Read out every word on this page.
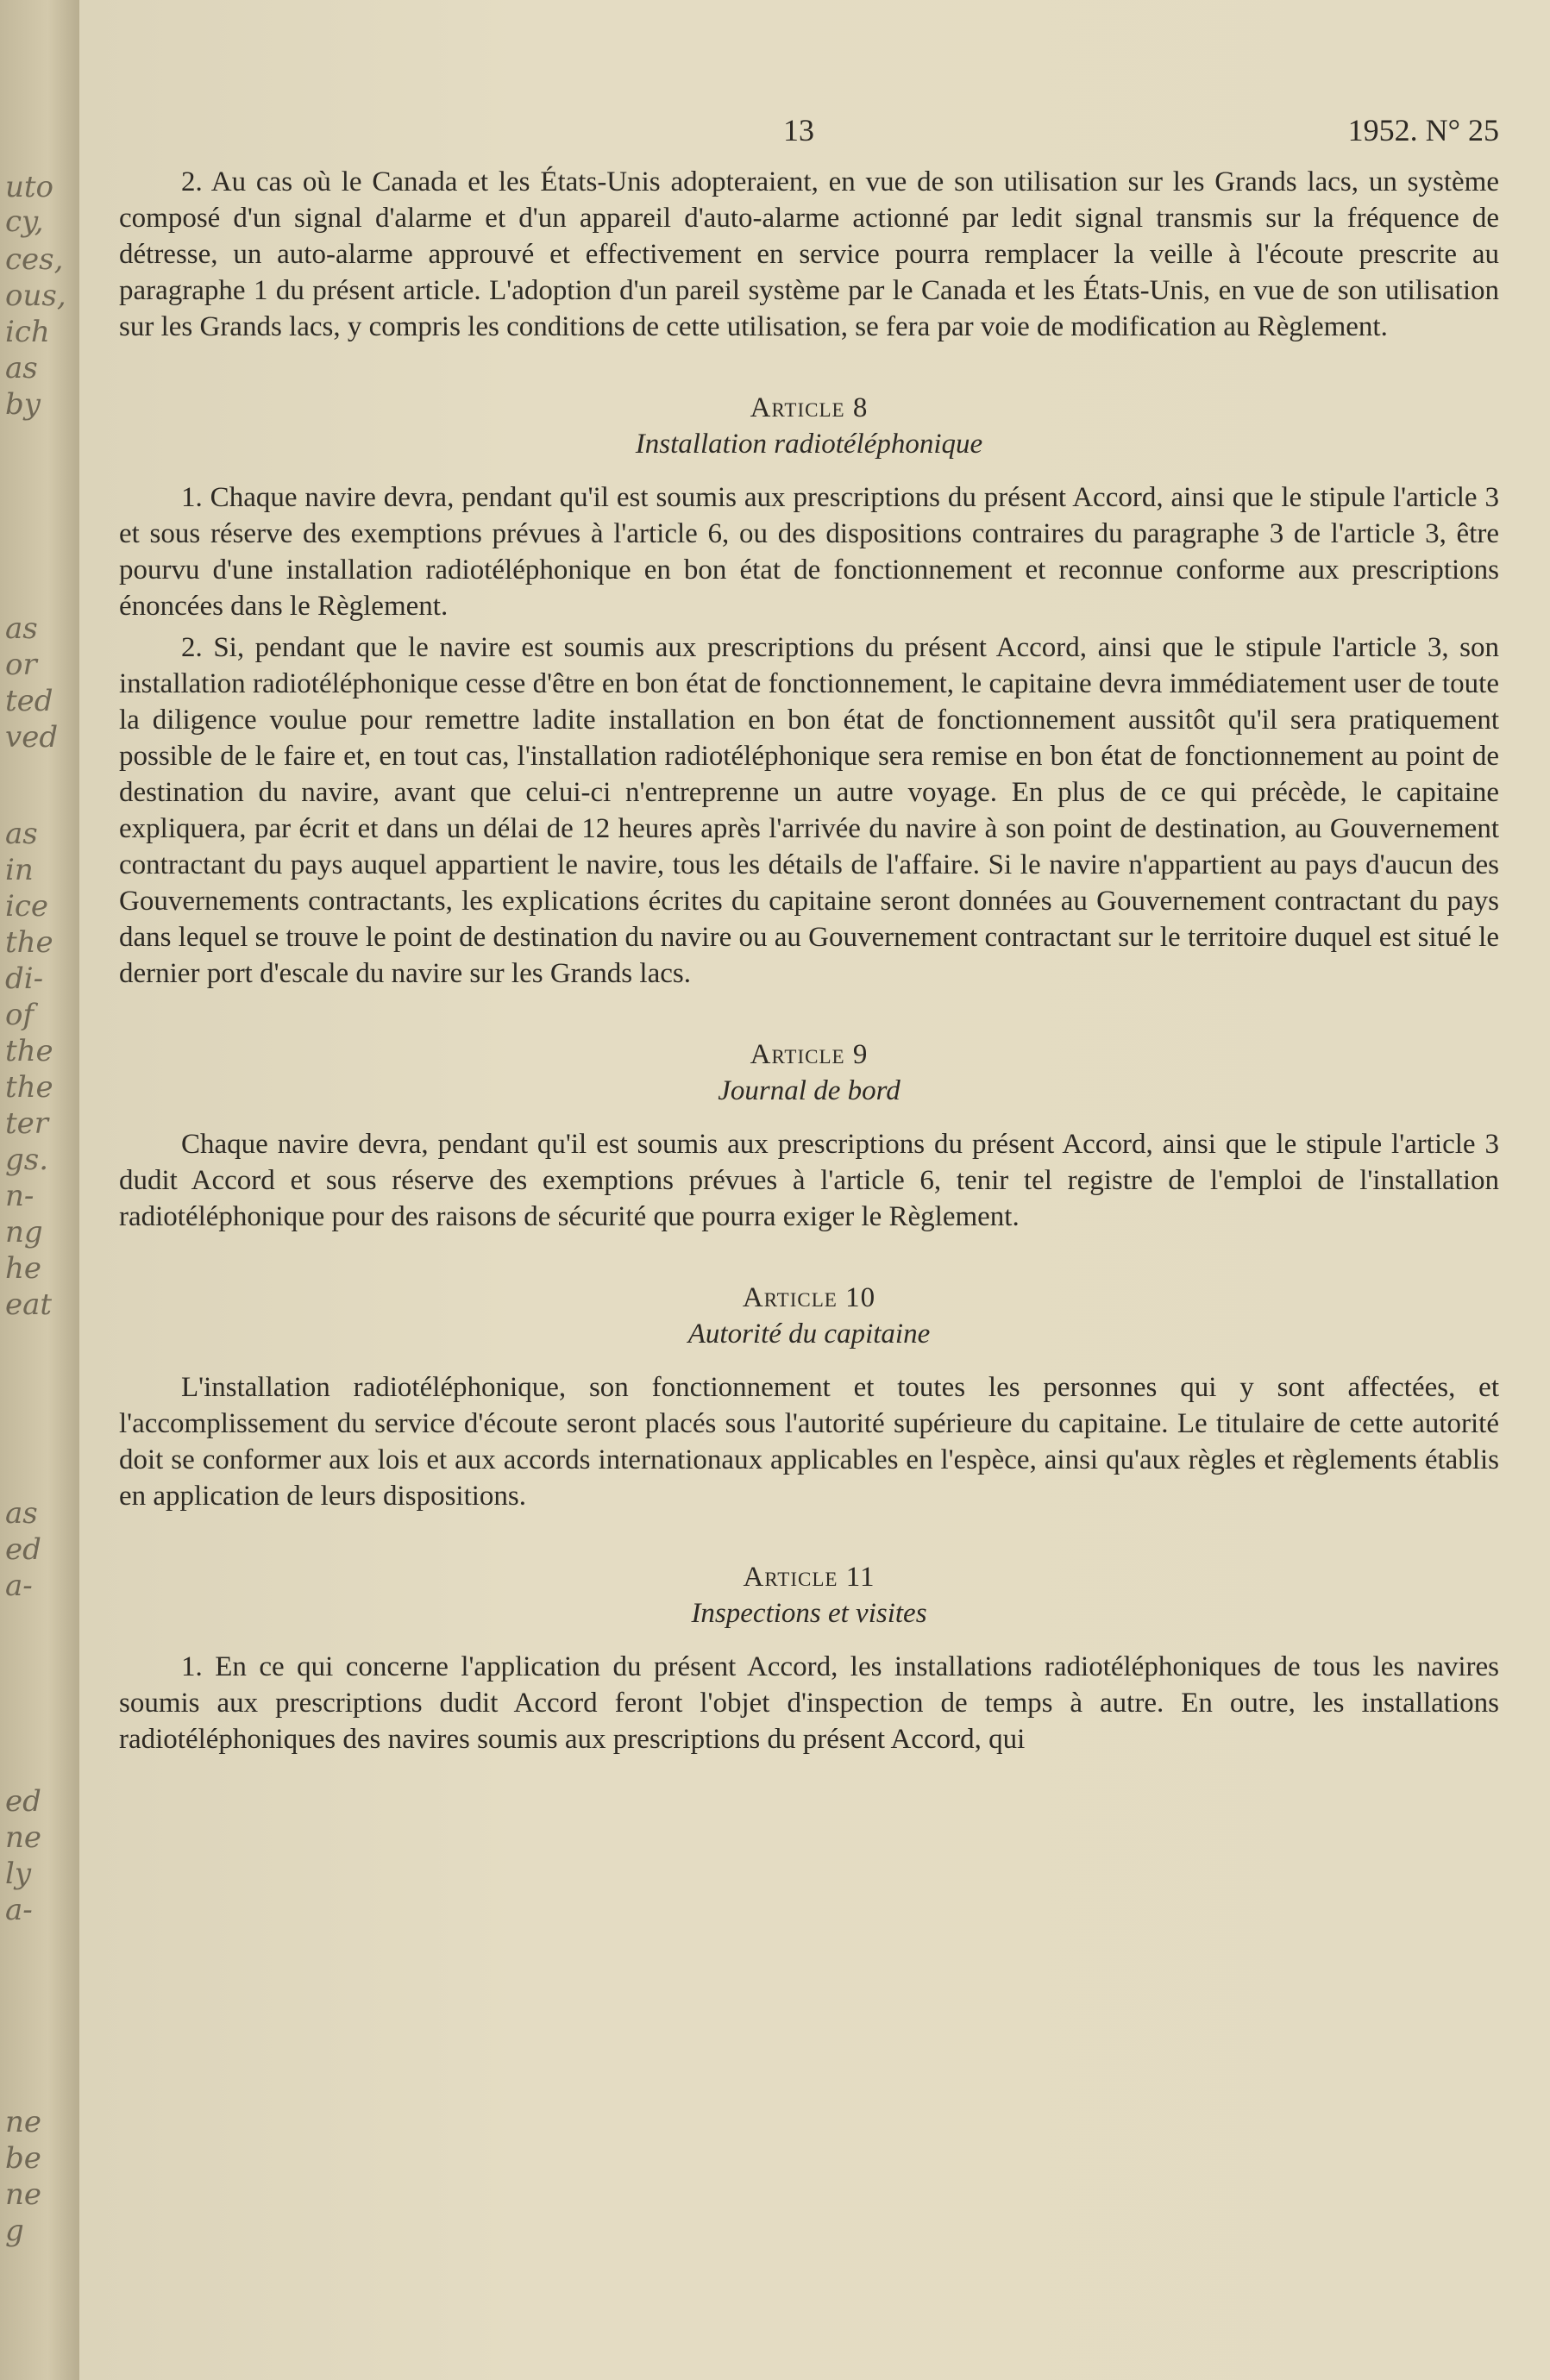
uto
cy,
ces,
ous,
ich
as
by
as
or
ted
ved
as
in
ice
the
di-
of
the
the
ter
gs.
n-
ng
he
eat
as
ed
a-
ed
ne
ly
a-
ne
be
ne
g
13	1952. N° 25

2. Au cas où le Canada et les États-Unis adopteraient, en vue de son utilisation sur les Grands lacs, un système composé d'un signal d'alarme et d'un appareil d'auto-alarme actionné par ledit signal transmis sur la fréquence de détresse, un auto-alarme approuvé et effectivement en service pourra remplacer la veille à l'écoute prescrite au paragraphe 1 du présent article. L'adoption d'un pareil système par le Canada et les États-Unis, en vue de son utilisation sur les Grands lacs, y compris les conditions de cette utilisation, se fera par voie de modification au Règlement.

Article 8
Installation radiotéléphonique

1. Chaque navire devra, pendant qu'il est soumis aux prescriptions du présent Accord, ainsi que le stipule l'article 3 et sous réserve des exemptions prévues à l'article 6, ou des dispositions contraires du paragraphe 3 de l'article 3, être pourvu d'une installation radiotéléphonique en bon état de fonctionnement et reconnue conforme aux prescriptions énoncées dans le Règlement.

2. Si, pendant que le navire est soumis aux prescriptions du présent Accord, ainsi que le stipule l'article 3, son installation radiotéléphonique cesse d'être en bon état de fonctionnement, le capitaine devra immédiatement user de toute la diligence voulue pour remettre ladite installation en bon état de fonctionnement aussitôt qu'il sera pratiquement possible de le faire et, en tout cas, l'installation radiotéléphonique sera remise en bon état de fonctionnement au point de destination du navire, avant que celui-ci n'entreprenne un autre voyage. En plus de ce qui précède, le capitaine expliquera, par écrit et dans un délai de 12 heures après l'arrivée du navire à son point de destination, au Gouvernement contractant du pays auquel appartient le navire, tous les détails de l'affaire. Si le navire n'appartient au pays d'aucun des Gouvernements contractants, les explications écrites du capitaine seront données au Gouvernement contractant du pays dans lequel se trouve le point de destination du navire ou au Gouvernement contractant sur le territoire duquel est situé le dernier port d'escale du navire sur les Grands lacs.

Article 9
Journal de bord

Chaque navire devra, pendant qu'il est soumis aux prescriptions du présent Accord, ainsi que le stipule l'article 3 dudit Accord et sous réserve des exemptions prévues à l'article 6, tenir tel registre de l'emploi de l'installation radiotéléphonique pour des raisons de sécurité que pourra exiger le Règlement.

Article 10
Autorité du capitaine

L'installation radiotéléphonique, son fonctionnement et toutes les personnes qui y sont affectées, et l'accomplissement du service d'écoute seront placés sous l'autorité supérieure du capitaine. Le titulaire de cette autorité doit se conformer aux lois et aux accords internationaux applicables en l'espèce, ainsi qu'aux règles et règlements établis en application de leurs dispositions.

Article 11
Inspections et visites

1. En ce qui concerne l'application du présent Accord, les installations radiotéléphoniques de tous les navires soumis aux prescriptions dudit Accord feront l'objet d'inspection de temps à autre. En outre, les installations radiotéléphoniques des navires soumis aux prescriptions du présent Accord, qui
